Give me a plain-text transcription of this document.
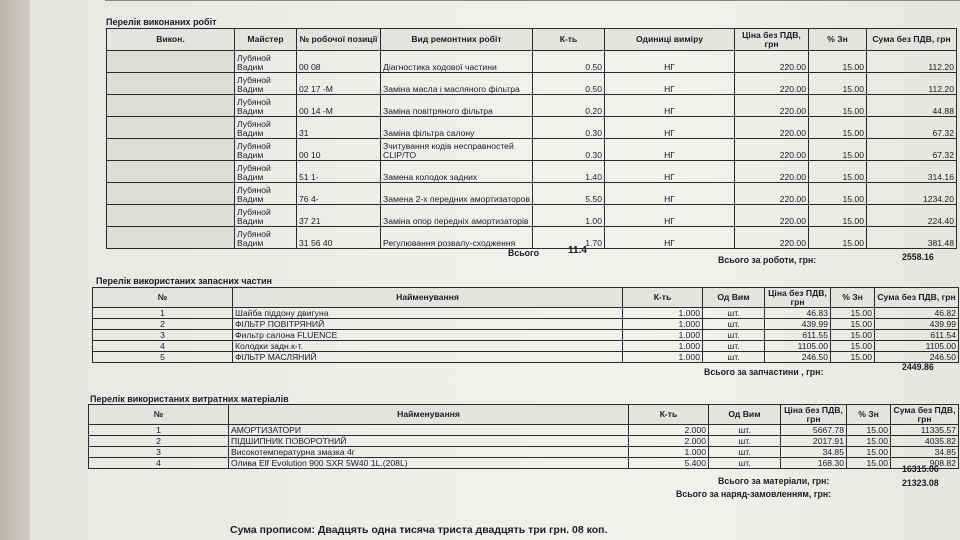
Перелік виконаних робіт
Викон.	Майстер	№ робочої позиції	Вид ремонтних робіт	К-ть	Одиниці виміру	Ціна без ПДВ, грн	% Зн	Сума без ПДВ, грн
	Лубяной Вадим	00 08	Діагностика ходової частини	0.50	НГ	220.00	15.00	112.20
	Лубяной Вадим	02 17 -М	Заміна масла і масляного фільтра	0.50	НГ	220.00	15.00	112.20
	Лубяной Вадим	00 14 -М	Заміна повітряного фільтра	0.20	НГ	220.00	15.00	44.88
	Лубяной Вадим	31	Заміна фільтра салону	0.30	НГ	220.00	15.00	67.32
	Лубяной Вадим	00 10	Зчитування кодів несправностей CLIP/ТО	0.30	НГ	220.00	15.00	67.32
	Лубяной Вадим	51 1-	Замена колодок задних	1.40	НГ	220.00	15.00	314.16
	Лубяной Вадим	76 4-	Замена 2-х передних амортизаторов	5.50	НГ	220.00	15.00	1234.20
	Лубяной Вадим	37 21	Заміна опор передніх амортизаторів	1.00	НГ	220.00	15.00	224.40
	Лубяной Вадим	31 56 40	Регулювання розвалу-сходження	1.70	НГ	220.00	15.00	381.48
Всього	11.4
Всього за роботи, грн:	2558.16
Перелік використаних запасних частин
№	Найменування	К-ть	Од Вим	Ціна без ПДВ, грн	% Зн	Сума без ПДВ, грн
1	Шайба піддону двигуна	1.000	шт.	46.83	15.00	46.82
2	ФІЛЬТР ПОВІТРЯНИЙ	1.000	шт.	439.99	15.00	439.99
3	Фильтр салона FLUENCE	1.000	шт.	611.55	15.00	611.54
4	Колодки задн.к-т.	1.000	шт.	1105.00	15.00	1105.00
5	ФІЛЬТР МАСЛЯНИЙ	1.000	шт.	246.50	15.00	246.50
Всього за запчастини , грн:	2449.86
Перелік використаних витратних матеріалів
№	Найменування	К-ть	Од Вим	Ціна без ПДВ, грн	% Зн	Сума без ПДВ, грн
1	АМОРТИЗАТОРИ	2.000	шт.	5667.78	15.00	11335.57
2	ПІДШИПНИК ПОВОРОТНИЙ	2.000	шт.	2017.91	15.00	4035.82
3	Високотемпературна змазка 4г	1.000	шт.	34.85	15.00	34.85
4	Олива Elf Evolution 900 SXR 5W40 1L.(208L)	5.400	шт.	168.30	15.00	908.82
Всього за матеріали, грн:
16315.06
Всього за наряд-замовленням, грн:
21323.08
Сума прописом: Двадцять одна тисяча триста двадцять три грн. 08 коп.
